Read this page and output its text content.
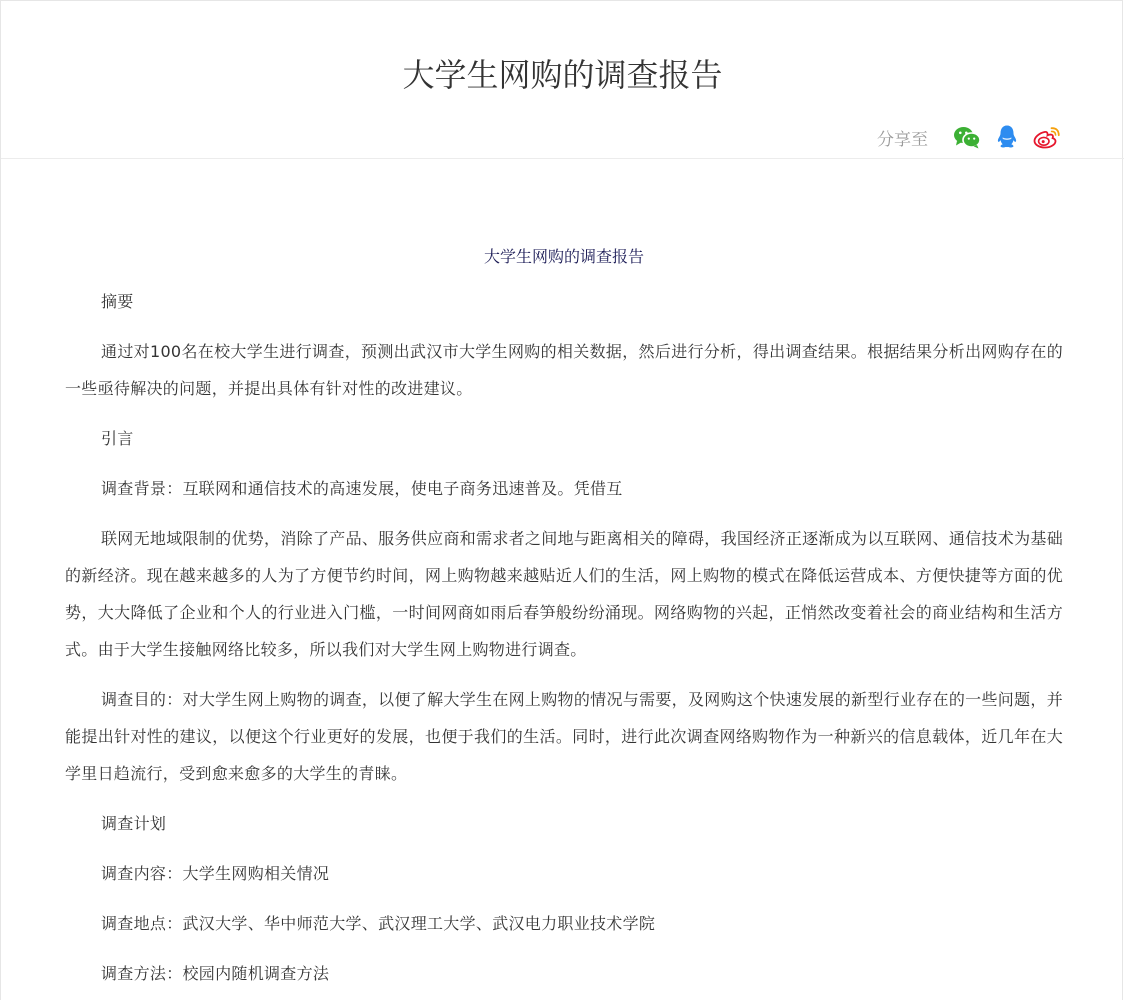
大学生网购的调查报告
分享至
大学生网购的调查报告

摘要

通过对100名在校大学生进行调查，预测出武汉市大学生网购的相关数据，然后进行分析，得出调查结果。根据结果分析出网购存在的一些亟待解决的问题，并提出具体有针对性的改进建议。

引言

调查背景：互联网和通信技术的高速发展，使电子商务迅速普及。凭借互

联网无地域限制的优势，消除了产品、服务供应商和需求者之间地与距离相关的障碍，我国经济正逐渐成为以互联网、通信技术为基础的新经济。现在越来越多的人为了方便节约时间，网上购物越来越贴近人们的生活，网上购物的模式在降低运营成本、方便快捷等方面的优势，大大降低了企业和个人的行业进入门槛，一时间网商如雨后春笋般纷纷涌现。网络购物的兴起，正悄然改变着社会的商业结构和生活方式。由于大学生接触网络比较多，所以我们对大学生网上购物进行调查。

调查目的：对大学生网上购物的调查，以便了解大学生在网上购物的情况与需要，及网购这个快速发展的新型行业存在的一些问题，并能提出针对性的建议，以便这个行业更好的发展，也便于我们的生活。同时，进行此次调查网络购物作为一种新兴的信息载体，近几年在大学里日趋流行，受到愈来愈多的大学生的青睐。

调查计划

调查内容：大学生网购相关情况

调查地点：武汉大学、华中师范大学、武汉理工大学、武汉电力职业技术学院

调查方法：校园内随机调查方法
